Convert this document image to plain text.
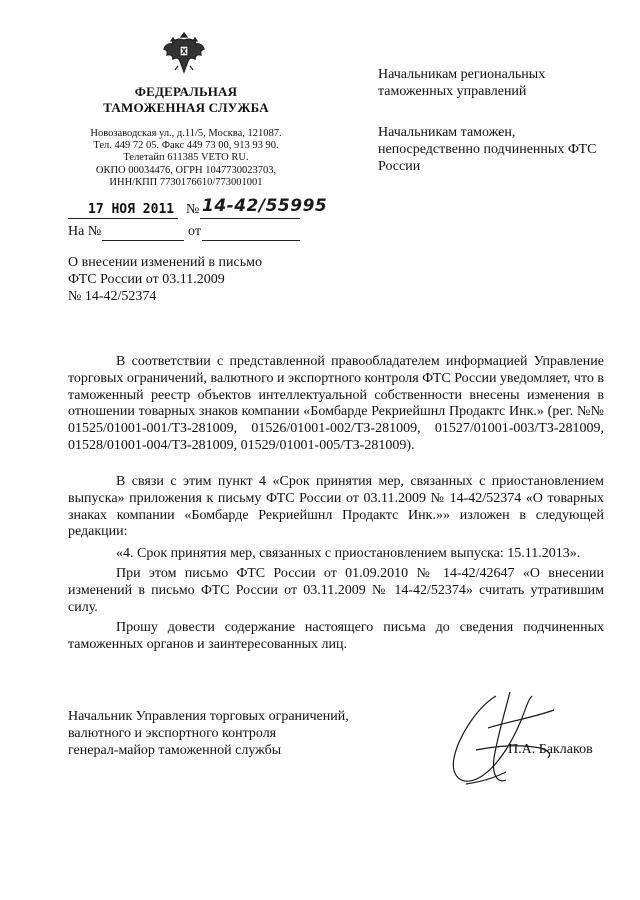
ФЕДЕРАЛЬНАЯ
ТАМОЖЕННАЯ СЛУЖБА
Новозаводская ул., д.11/5, Москва, 121087.
Тел. 449 72 05. Факс 449 73 00, 913 93 90.
Телетайп 611385 VETO RU.
ОКПО 00034476, ОГРН 1047730023703,
ИНН/КПП 7730176610/773001001
17 НОЯ 2011 № 14-42/55995
На №	от
Начальникам региональных таможенных управлений
Начальникам таможен, непосредственно подчиненных ФТС России
О внесении изменений в письмо
ФТС России от 03.11.2009
№ 14-42/52374
В соответствии с представленной правообладателем информацией Управление торговых ограничений, валютного и экспортного контроля ФТС России уведомляет, что в таможенный реестр объектов интеллектуальной собственности внесены изменения в отношении товарных знаков компании «Бомбарде Рекриейшнл Продактс Инк.» (рег. №№ 01525/01001-001/ТЗ-281009, 01526/01001-002/ТЗ-281009, 01527/01001-003/ТЗ-281009, 01528/01001-004/ТЗ-281009, 01529/01001-005/ТЗ-281009).
В связи с этим пункт 4 «Срок принятия мер, связанных с приостановлением выпуска» приложения к письму ФТС России от 03.11.2009 № 14-42/52374 «О товарных знаках компании «Бомбарде Рекриейшнл Продактс Инк.»» изложен в следующей редакции:
«4. Срок принятия мер, связанных с приостановлением выпуска: 15.11.2013».
При этом письмо ФТС России от 01.09.2010 № 14-42/42647 «О внесении изменений в письмо ФТС России от 03.11.2009 № 14-42/52374» считать утратившим силу.
Прошу довести содержание настоящего письма до сведения подчиненных таможенных органов и заинтересованных лиц.
Начальник Управления торговых ограничений,
валютного и экспортного контроля
генерал-майор таможенной службы	П.А. Баклаков
